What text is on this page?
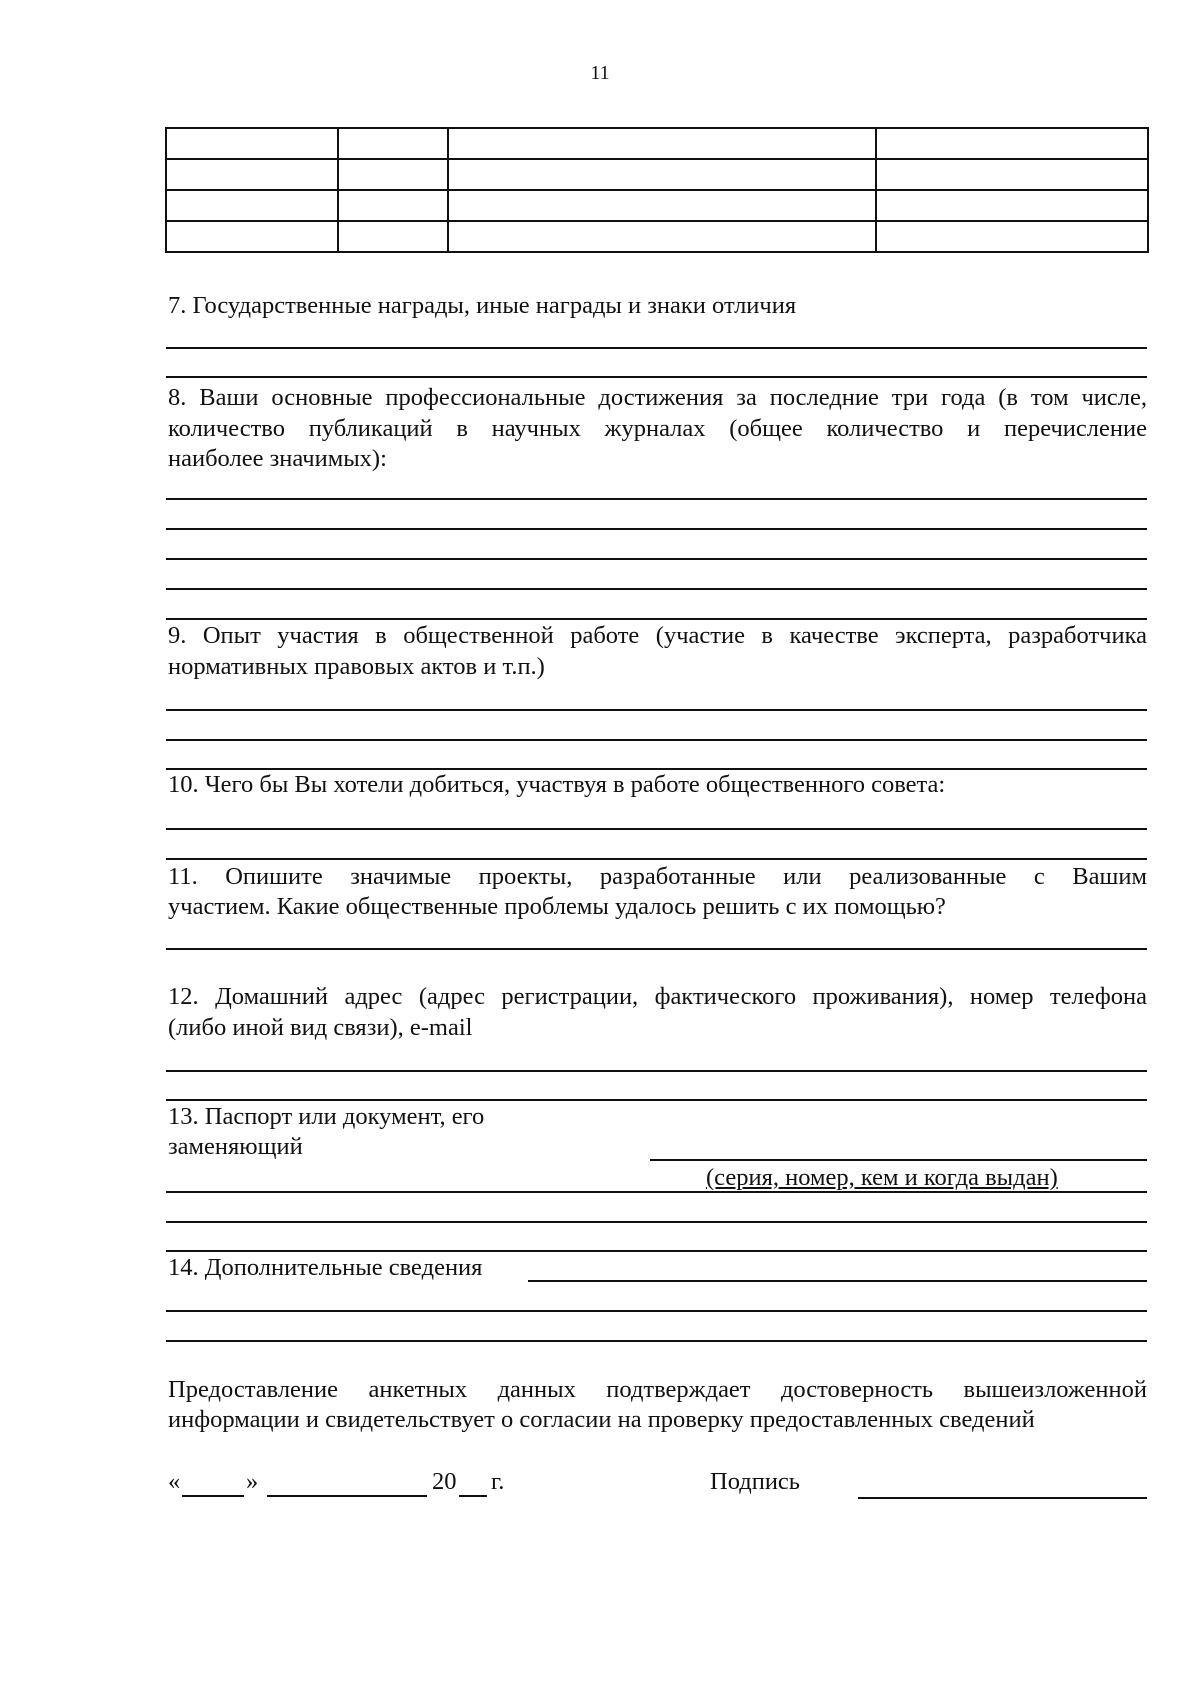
11

7. Государственные награды, иные награды и знаки отличия

8. Ваши основные профессиональные достижения за последние три года (в том числе,

количество публикаций в научных журналах (общее количество и перечисление

наиболее значимых):

9. Опыт участия в общественной работе (участие в качестве эксперта, разработчика

нормативных правовых актов и т.п.)

10. Чего бы Вы хотели добиться, участвуя в работе общественного совета:

11. Опишите значимые проекты, разработанные или реализованные с Вашим

участием. Какие общественные проблемы удалось решить с их помощью?

12. Домашний адрес (адрес регистрации, фактического проживания), номер телефона

(либо иной вид связи), e-mail

13. Паспорт или документ, его

заменяющий

(серия, номер, кем и когда выдан)

14. Дополнительные сведения

Предоставление анкетных данных подтверждает достоверность вышеизложенной

информации и свидетельствует о согласии на проверку предоставленных сведений

«	»	20 г.	Подпись
